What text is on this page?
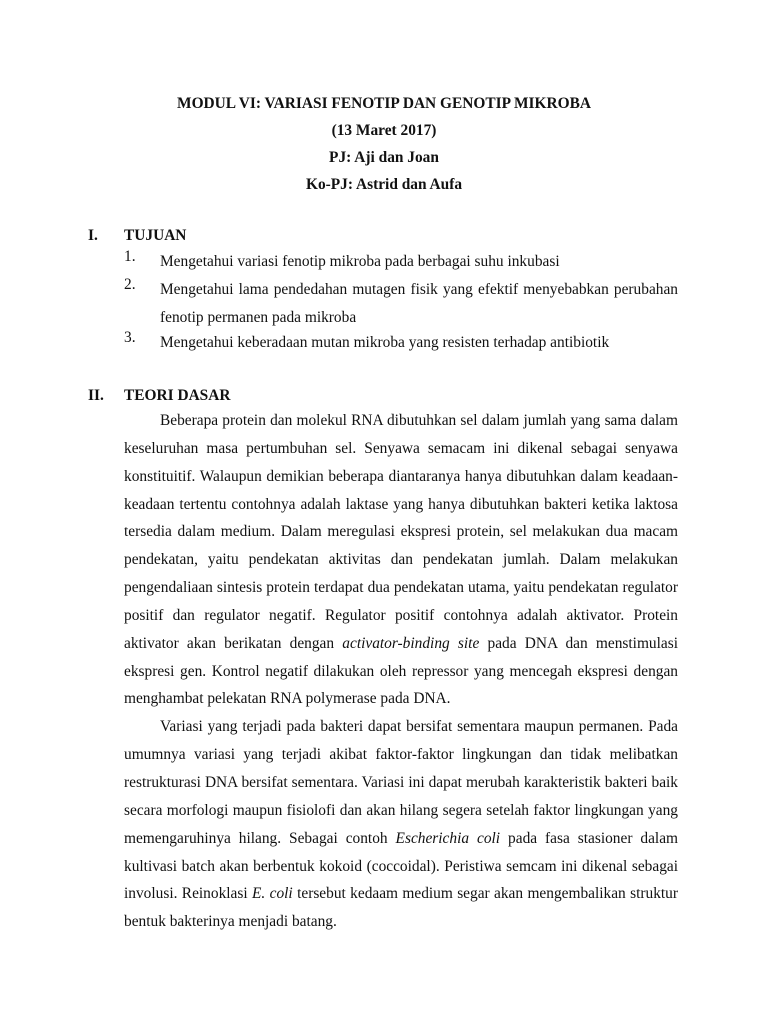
MODUL VI: VARIASI FENOTIP DAN GENOTIP MIKROBA
(13 Maret 2017)
PJ: Aji dan Joan
Ko-PJ: Astrid dan Aufa
I. TUJUAN
1. Mengetahui variasi fenotip mikroba pada berbagai suhu inkubasi
2. Mengetahui lama pendedahan mutagen fisik yang efektif menyebabkan perubahan fenotip permanen pada mikroba
3. Mengetahui keberadaan mutan mikroba yang resisten terhadap antibiotik
II. TEORI DASAR

Beberapa protein dan molekul RNA dibutuhkan sel dalam jumlah yang sama dalam keseluruhan masa pertumbuhan sel. Senyawa semacam ini dikenal sebagai senyawa konstituitif. Walaupun demikian beberapa diantaranya hanya dibutuhkan dalam keadaan-keadaan tertentu contohnya adalah laktase yang hanya dibutuhkan bakteri ketika laktosa tersedia dalam medium. Dalam meregulasi ekspresi protein, sel melakukan dua macam pendekatan, yaitu pendekatan aktivitas dan pendekatan jumlah. Dalam melakukan pengendaliaan sintesis protein terdapat dua pendekatan utama, yaitu pendekatan regulator positif dan regulator negatif. Regulator positif contohnya adalah aktivator. Protein aktivator akan berikatan dengan activator-binding site pada DNA dan menstimulasi ekspresi gen. Kontrol negatif dilakukan oleh repressor yang mencegah ekspresi dengan menghambat pelekatan RNA polymerase pada DNA.

Variasi yang terjadi pada bakteri dapat bersifat sementara maupun permanen. Pada umumnya variasi yang terjadi akibat faktor-faktor lingkungan dan tidak melibatkan restrukturasi DNA bersifat sementara. Variasi ini dapat merubah karakteristik bakteri baik secara morfologi maupun fisiolofi dan akan hilang segera setelah faktor lingkungan yang memengaruhinya hilang. Sebagai contoh Escherichia coli pada fasa stasioner dalam kultivasi batch akan berbentuk kokoid (coccoidal). Peristiwa semcam ini dikenal sebagai involusi. Reinoklasi E. coli tersebut kedaam medium segar akan mengembalikan struktur bentuk bakterinya menjadi batang.
